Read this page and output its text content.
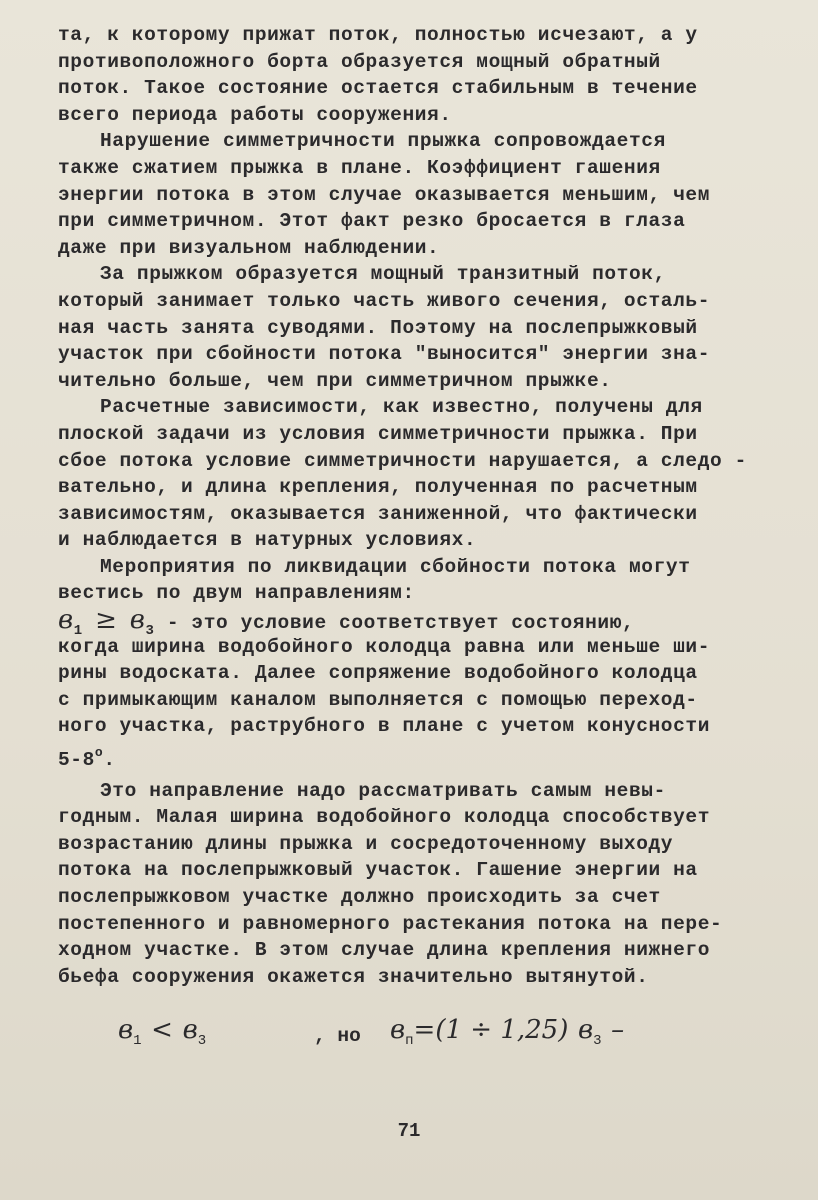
та, к которому прижат поток, полностью исчезают, а у
противоположного борта образуется мощный обратный
поток. Такое состояние остается стабильным в течение
всего периода работы сооружения.
Нарушение симметричности прыжка сопровождается
также сжатием прыжка в плане. Коэффициент гашения
энергии потока в этом случае оказывается меньшим, чем
при симметричном. Этот факт резко бросается в глаза
даже при визуальном наблюдении.
За прыжком образуется мощный транзитный поток,
который занимает только часть живого сечения, осталь-
ная часть занята суводями. Поэтому на послепрыжковый
участок при сбойности потока "выносится" энергии зна-
чительно больше, чем при симметричном прыжке.
Расчетные зависимости, как известно, получены для
плоской задачи из условия симметричности прыжка. При
сбое потока условие симметричности нарушается, а следо -
вательно, и длина крепления, полученная по расчетным
зависимостям, оказывается заниженной, что фактически
и наблюдается в натурных условиях.
Мероприятия по ликвидации сбойности потока могут
вестись по двум направлениям:
$в_1 \ge в_3$ - это условие соответствует состоянию,
когда ширина водобойного колодца равна или меньше ши-
рины водоската. Далее сопряжение водобойного колодца
с примыкающим каналом выполняется с помощью переход-
ного участка, раструбного в плане с учетом конусности
5-8$^o$.
Это направление надо рассматривать самым невы-
годным. Малая ширина водобойного колодца способствует
возрастанию длины прыжка и сосредоточенному выходу
потока на послепрыжковый участок. Гашение энергии на
послепрыжковом участке должно происходить за счет
постепенного и равномерного растекания потока на пере-
ходном участке. В этом случае длина крепления нижнего
бьефа сооружения окажется значительно вытянутой.
в1 < в3	, но вп=(1 ÷ 1,25) в3 –
71
